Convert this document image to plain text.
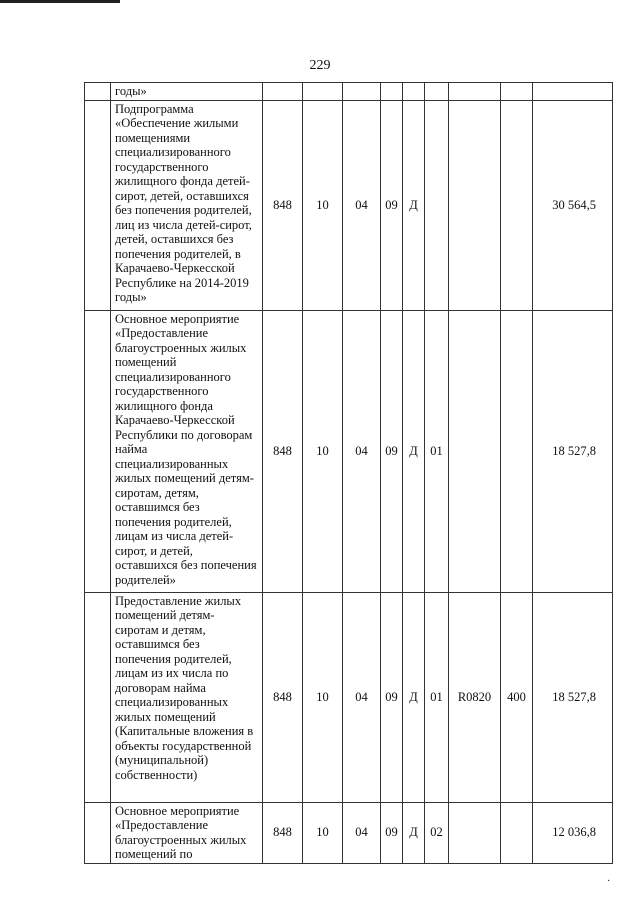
229
	годы»									
	Подпрограмма «Обеспечение жилыми помещениями специализированного государственного жилищного фонда детей-сирот, детей, оставшихся без попечения родителей, лиц из числа детей-сирот, детей, оставшихся без попечения родителей, в Карачаево-Черкесской Республике на 2014-2019 годы»	848	10	04	09	Д				30 564,5
	Основное мероприятие «Предоставление благоустроенных жилых помещений специализированного государственного жилищного фонда Карачаево-Черкесской Республики по договорам найма специализированных жилых помещений детям-сиротам, детям, оставшимся без попечения родителей, лицам из числа детей-сирот, и детей, оставшихся без попечения родителей»	848	10	04	09	Д	01			18 527,8
	Предоставление жилых помещений детям-сиротам и детям, оставшимся без попечения родителей, лицам из их числа по договорам найма специализированных жилых помещений (Капитальные вложения в объекты государственной (муниципальной) собственности)	848	10	04	09	Д	01	R0820	400	18 527,8
	Основное мероприятие «Предоставление благоустроенных жилых помещений по	848	10	04	09	Д	02			12 036,8
·
